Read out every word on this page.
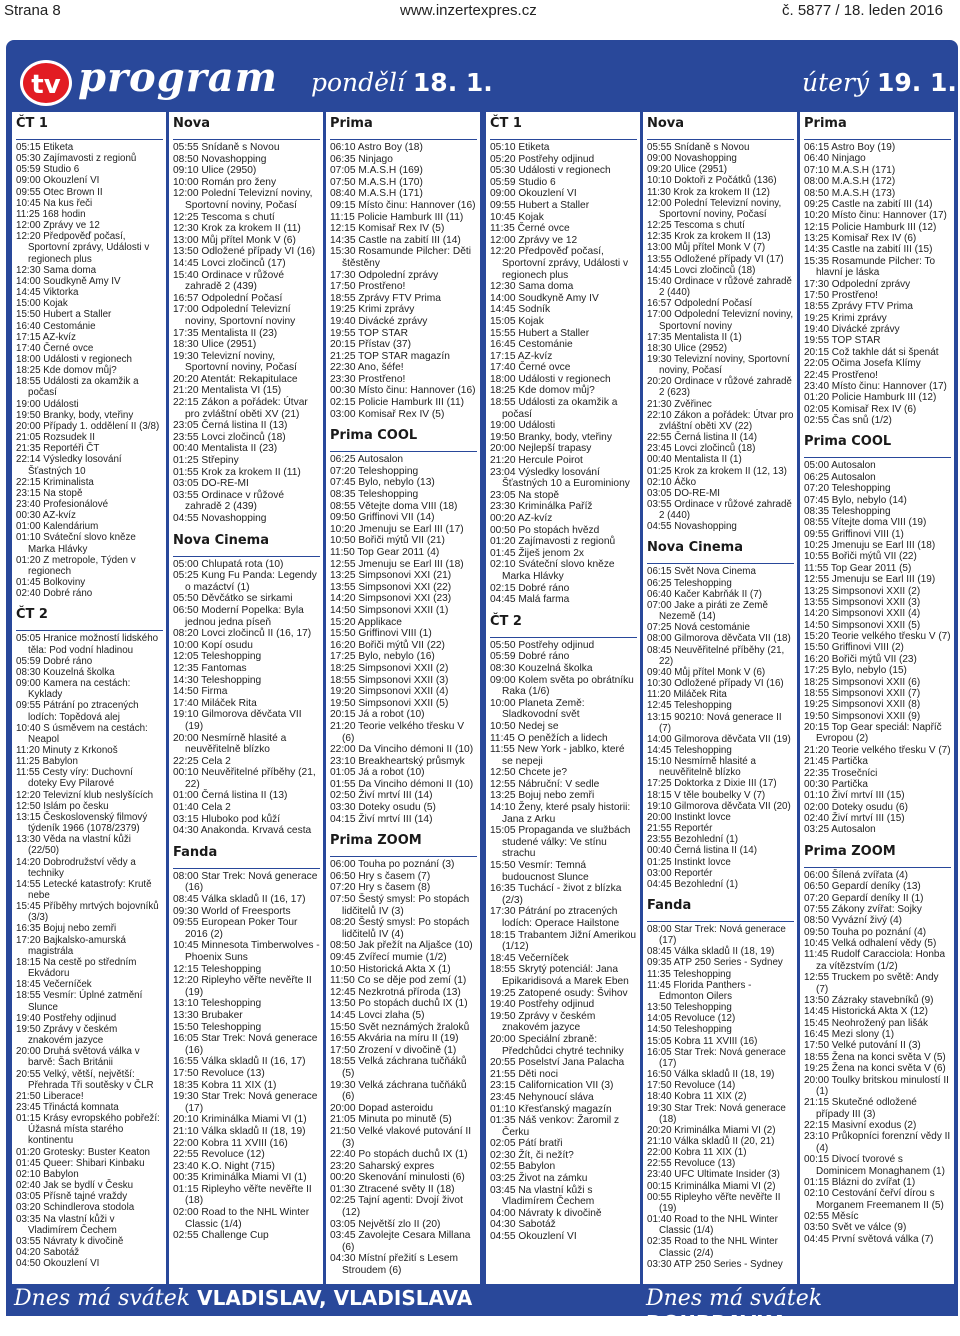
Strana 8	www.inzertexpres.cz	č. 5877 / 18. leden 2016
tv program pondělí 18. 1.	úterý 19. 1.
ČT 1
05:15 Etiketa
05:30 Zajímavosti z regionů
05:59 Studio 6
09:00 Okouzlení VI
09:55 Otec Brown II
10:45 Na kus řeči
11:25 168 hodin
12:00 Zprávy ve 12
12:20 Předpověď počasí, Sportovní zprávy, Události v regionech plus
12:30 Sama doma
14:00 Soudkyně Amy IV
14:45 Viktorka
15:00 Kojak
15:50 Hubert a Staller
16:40 Cestománie
17:15 AZ-kvíz
17:40 Černé ovce
18:00 Události v regionech
18:25 Kde domov můj?
18:55 Události za okamžik a počasí
19:00 Události
19:50 Branky, body, vteřiny
20:00 Případy 1. oddělení II (3/8)
21:05 Rozsudek II
21:35 Reportéři ČT
22:14 Výsledky losování Šťastných 10
22:15 Kriminalista
23:15 Na stopě
23:40 Profesionálové
00:30 AZ-kvíz
01:00 Kalendárium
01:10 Sváteční slovo kněze Marka Hlávky
01:20 Z metropole, Týden v regionech
01:45 Bolkoviny
02:40 Dobré ráno
ČT 2
05:05 Hranice možností lidského těla: Pod vodní hladinou
05:59 Dobré ráno
08:30 Kouzelná školka
09:00 Kamera na cestách: Kyklady
09:55 Pátrání po ztracených lodích: Topědová alej
10:40 S úsměvem na cestách: Neapol
11:20 Minuty z Krkonoš
11:25 Babylon
11:55 Cesty víry: Duchovní doteky Evy Pilarové
12:20 Televizní klub neslyšících
12:50 Islám po česku
13:15 Československý filmový týdeník 1966 (1078/2379)
13:30 Věda na vlastní kůži (22/50)
14:20 Dobrodružství vědy a techniky
14:55 Letecké katastrofy: Krutě nebe
15:45 Příběhy mrtvých bojovníků (3/3)
16:35 Bojuj nebo zemři
17:20 Bajkalsko-amurská magistrála
18:15 Na cestě po středním Ekvádoru
18:45 Večerníček
18:55 Vesmír: Úplné zatmění Slunce
19:40 Postřehy odjinud
19:50 Zprávy v českém znakovém jazyce
20:00 Druhá světová válka v barvě: Šach Británii
20:55 Velký, větší, největší: Přehrada Tři soutěsky v ČLR
21:50 Liberace!
23:45 Třináctá komnata
01:15 Krásy evropského pobřeží: Úžasná místa starého kontinentu
01:20 Grotesky: Buster Keaton
01:45 Queer: Shibari Kinbaku
02:10 Babylon
02:40 Jak se bydlí v Česku
03:05 Přísně tajné vraždy
03:20 Schindlerova stodola
03:35 Na vlastní kůži v Vladimírem Čechem
03:55 Návraty k divočině
04:20 Sabotáž
04:50 Okouzlení VI
Nova
05:55 Snídaně s Novou
08:50 Novashopping
09:10 Ulice (2950)
10:00 Román pro ženy
12:00 Polední Televizní noviny, Sportovní noviny, Počasí
12:25 Tescoma s chutí
12:30 Krok za krokem II (11)
13:00 Můj přítel Monk V (6)
13:50 Odložené případy VI (16)
14:45 Lovci zločinců (17)
15:40 Ordinace v růžové zahradě 2 (439)
16:57 Odpolední Počasí
17:00 Odpolední Televizní noviny, Sportovní noviny
17:35 Mentalista II (23)
18:30 Ulice (2951)
19:30 Televizní noviny, Sportovní noviny, Počasí
20:20 Atentát: Rekapitulace
21:20 Mentalista VI (15)
22:15 Zákon a pořádek: Útvar pro zvláštní oběti XV (21)
23:05 Černá listina II (13)
23:55 Lovci zločinců (18)
00:40 Mentalista II (23)
01:25 Střepiny
01:55 Krok za krokem II (11)
03:05 DO-RE-MI
03:55 Ordinace v růžové zahradě 2 (439)
04:55 Novashopping
Nova Cinema
05:00 Chlupatá rota (10)
05:25 Kung Fu Panda: Legendy o mazáctví (1)
05:50 Děvčátko se sirkami
06:50 Moderní Popelka: Byla jednou jedna píseň
08:20 Lovci zločinců II (16, 17)
10:00 Kopí osudu
12:05 Teleshopping
12:35 Fantomas
14:30 Teleshopping
14:50 Firma
17:40 Miláček Rita
19:10 Gilmorova děvčata VII (19)
20:00 Nesmírně hlasité a neuvěřitelně blízko
22:25 Cela 2
00:10 Neuvěřitelné příběhy (21, 22)
01:00 Černá listina II (13)
01:40 Cela 2
03:15 Hluboko pod kůží
04:30 Anakonda. Krvavá cesta
Fanda
08:00 Star Trek: Nová generace (16)
08:45 Válka skladů II (16, 17)
09:30 World of Freesports
09:55 European Poker Tour 2016 (2)
10:45 Minnesota Timberwolves - Phoenix Suns
12:15 Teleshopping
12:20 Ripleyho věřte nevěřte II (19)
13:10 Teleshopping
13:30 Brubaker
15:50 Teleshopping
16:05 Star Trek: Nová generace (16)
16:55 Válka skladů II (16, 17)
17:50 Revoluce (13)
18:35 Kobra 11 XIX (1)
19:30 Star Trek: Nová generace (17)
20:10 Kriminálka Miami VI (1)
21:10 Válka skladů II (18, 19)
22:00 Kobra 11 XVIII (16)
22:55 Revoluce (12)
23:40 K.O. Night (715)
00:35 Kriminálka Miami VI (1)
01:15 Ripleyho věřte nevěřte II (18)
02:00 Road to the NHL Winter Classic (1/4)
02:55 Challenge Cup
Prima
06:10 Astro Boy (18)
06:35 Ninjago
07:05 M.A.S.H (169)
07:50 M.A.S.H (170)
08:40 M.A.S.H (171)
09:15 Místo činu: Hannover (16)
11:15 Policie Hamburk III (11)
12:15 Komisař Rex IV (5)
14:35 Castle na zabití III (14)
15:30 Rosamunde Pilcher: Děti štěstěny
17:30 Odpolední zprávy
17:50 Prostřeno!
18:55 Zprávy FTV Prima
19:25 Krimi zprávy
19:40 Divácké zprávy
19:55 TOP STAR
20:15 Přístav (37)
21:25 TOP STAR magazín
22:30 Ano, šéfe!
23:30 Prostřeno!
00:30 Místo činu: Hannover (16)
02:15 Policie Hamburk III (11)
03:00 Komisař Rex IV (5)
Prima COOL
06:25 Autosalon
07:20 Teleshopping
07:45 Bylo, nebylo (13)
08:35 Teleshopping
08:55 Větejte doma VIII (18)
09:50 Griffinovi VII (14)
10:20 Jmenuju se Earl III (17)
10:50 Bořiči mýtů VII (21)
11:50 Top Gear 2011 (4)
12:55 Jmenuju se Earl III (18)
13:25 Simpsonovi XXI (21)
13:55 Simpsonovi XXI (22)
14:20 Simpsonovi XXI (23)
14:50 Simpsonovi XXII (1)
15:20 Applikace
15:50 Griffinovi VIII (1)
16:20 Bořiči mýtů VII (22)
17:25 Bylo, nebylo (16)
18:25 Simpsonovi XXII (2)
18:55 Simpsonovi XXII (3)
19:20 Simpsonovi XXII (4)
19:50 Simpsonovi XXII (5)
20:15 Já a robot (10)
21:20 Teorie velkého třesku V (6)
22:00 Da Vinciho démoni II (10)
23:10 Breakheartský průsmyk
01:05 Já a robot (10)
01:55 Da Vinciho démoni II (10)
02:50 Živí mrtví III (14)
03:30 Doteky osudu (5)
04:15 Živí mrtví III (14)
Prima ZOOM
06:00 Touha po poznání (3)
06:50 Hry s časem (7)
07:20 Hry s časem (8)
07:50 Šestý smysl: Po stopách lidčitelů IV (3)
08:20 Šestý smysl: Po stopách lidčitelů IV (4)
08:50 Jak přežít na Aljašce (10)
09:45 Zvířecí mumie (1/2)
10:50 Historická Akta X (1)
11:50 Co se děje pod zemí (1)
12:45 Nezkrotná příroda (13)
13:50 Po stopách duchů IX (1)
14:45 Lovci zlaha (5)
15:50 Svět neznámých žraloků
16:55 Akvária na míru II (19)
17:50 Zrození v divočině (1)
18:55 Velká záchrana tučňáků (5)
19:30 Velká záchrana tučňáků (6)
20:00 Dopad asteroidu
21:05 Minuta po minutě (5)
21:50 Velké vlakové putování II (3)
22:40 Po stopách duchů IX (1)
23:20 Saharský expres
00:20 Skenování minulosti (6)
01:30 Ztracené světy II (18)
02:25 Tajní agenti: Dvojí život (12)
03:05 Největší zlo II (20)
03:45 Zavolejte Cesara Millana (6)
04:30 Místní přežití s Lesem Stroudem (6)
ČT 1
05:10 Etiketa
05:20 Postřehy odjinud
05:30 Události v regionech
05:59 Studio 6
09:00 Okouzlení VI
09:55 Hubert a Staller
10:45 Kojak
11:35 Černé ovce
12:00 Zprávy ve 12
12:20 Předpověď počasí, Sportovní zprávy, Události v regionech plus
12:30 Sama doma
14:00 Soudkyně Amy IV
14:45 Sodník
15:05 Kojak
15:55 Hubert a Staller
16:45 Cestománie
17:15 AZ-kvíz
17:40 Černé ovce
18:00 Události v regionech
18:25 Kde domov můj?
18:55 Události za okamžik a počasí
19:00 Události
19:50 Branky, body, vteřiny
20:00 Nejlepší trapasy
21:20 Herculе Poirot
23:04 Výsledky losování Šťastných 10 a Eurominiony
23:05 Na stopě
23:30 Kriminálka Paříž
00:20 AZ-kvíz
00:50 Po stopách hvězd
01:20 Zajímavosti z regionů
01:45 Žiješ jenom 2x
02:10 Sváteční slovo kněze Marka Hlávky
02:15 Dobré ráno
04:45 Malá farma
ČT 2
05:50 Postřehy odjinud
05:59 Dobré ráno
08:30 Kouzelná školka
09:00 Kolem světa po obrátníku Raka (1/6)
10:00 Planeta Země: Sladkovodní svět
10:50 Nedej se
11:45 O peněžích a lidech
11:55 New York - jablko, které se nepeji
12:50 Chcete je?
12:55 Nábruční: V sedle
13:25 Bojuj nebo zemři
14:10 Ženy, které psaly historii: Jana z Arku
15:05 Propaganda ve službách studené války: Ve stínu strachu
15:50 Vesmír: Temná budoucnost Slunce
16:35 Tuchácí - život z blízka (2/3)
17:30 Pátrání po ztracených lodích: Operace Hailstone
18:15 Trabantem Jižní Amerikou (1/12)
18:45 Večerníček
18:55 Skrytý potenciál: Jana Epikaridisová a Marek Eben
19:25 Zatopené osudy: Švihov
19:40 Postřehy odjinud
19:50 Zprávy v českém znakovém jazyce
20:00 Speciální zbraně: Předchůdci chytré techniky
20:55 Poselství Jana Palacha
21:55 Děti noci
23:15 Californication VII (3)
23:45 Nehynoucí slávа
01:10 Křesťanský magazín
01:35 Náš venkov: Žaromil z Čerku
02:05 Pátí bratři
02:30 Žít, či nežít?
02:55 Babylon
03:25 Život na zámku
03:45 Na vlastní kůži s Vladimírem Čechem
04:00 Návraty k divočině
04:30 Sabotáž
04:55 Okouzlení VI
Nova
05:55 Snídaně s Novou
09:00 Novashopping
09:20 Ulice (2951)
10:10 Doktoři z Počátků (136)
11:30 Krok za krokem II (12)
12:00 Polední Televizní noviny, Sportovní noviny, Počasí
12:25 Tescoma s chutí
12:35 Krok za krokem II (13)
13:00 Můj přítel Monk V (7)
13:55 Odložené případy VI (17)
14:45 Lovci zločinců (18)
15:40 Ordinace v růžové zahradě 2 (440)
16:57 Odpolední Počasí
17:00 Odpolední Televizní noviny, Sportovní noviny
17:35 Mentalista II (1)
18:30 Ulice (2952)
19:30 Televizní noviny, Sportovní noviny, Počasí
20:20 Ordinace v růžové zahradě 2 (623)
21:30 Zvěřinec
22:10 Zákon a pořádek: Útvar pro zvláštní oběti XV (22)
22:55 Černá listina II (14)
23:45 Lovci zločinců (18)
00:40 Mentalista II (1)
01:25 Krok za krokem II (12, 13)
02:10 Áčko
03:05 DO-RE-MI
03:55 Ordinace v růžové zahradě 2 (440)
04:55 Novashopping
Nova Cinema
06:15 Svět Nova Cinema
06:25 Teleshopping
06:40 Kačer Kabrňák II (7)
07:00 Jake a piráti ze Země Nezemě (14)
07:25 Nová cestománie
08:00 Gilmorova děvčata VII (18)
08:45 Neuvěřitelné příběhy (21, 22)
09:40 Můj přítel Monk V (6)
10:30 Odložené případy VI (16)
11:20 Miláček Rita
12:45 Teleshopping
13:15 90210: Nová generace II (7)
14:00 Gilmorova děvčata VII (19)
14:45 Teleshopping
15:10 Nesmírně hlasité a neuvěřitelně blízko
17:25 Doktorka z Dixie III (17)
18:15 V těle boubelky V (7)
19:10 Gilmorova děvčata VII (20)
20:00 Instinkt lovce
21:55 Reportér
23:55 Bezohlední (1)
00:40 Černá listina II (14)
01:25 Instinkt lovce
03:00 Reportér
04:45 Bezohlední (1)
Fanda
08:00 Star Trek: Nová generace (17)
08:45 Válka skladů II (18, 19)
09:35 ATP 250 Series - Sydney
11:35 Teleshopping
11:45 Florida Panthers - Edmonton Oilers
13:50 Teleshopping
14:05 Revoluce (12)
14:50 Teleshopping
15:05 Kobra 11 XVIII (16)
16:05 Star Trek: Nová generace (17)
16:50 Válka skladů II (18, 19)
17:50 Revoluce (14)
18:40 Kobra 11 XIX (2)
19:30 Star Trek: Nová generace (18)
20:20 Kriminálka Miami VI (2)
21:10 Válka skladů II (20, 21)
22:00 Kobra 11 XIX (1)
22:55 Revoluce (13)
23:40 UFC Ultimate Insider (3)
00:15 Kriminálka Miami VI (2)
00:55 Ripleyho věřte nevěřte II (19)
01:40 Road to the NHL Winter Classic (1/4)
02:35 Road to the NHL Winter Classic (2/4)
03:30 ATP 250 Series - Sydney
Prima
06:15 Astro Boy (19)
06:40 Ninjago
07:10 M.A.S.H (171)
08:00 M.A.S.H (172)
08:50 M.A.S.H (173)
09:25 Castle na zabití III (14)
10:20 Místo činu: Hannover (17)
12:15 Policie Hamburk III (12)
13:25 Komisař Rex IV (6)
14:35 Castle na zabití III (15)
15:35 Rosamunde Pilcher: To hlavní je láska
17:30 Odpolední zprávy
17:50 Prostřeno!
18:55 Zprávy FTV Prima
19:25 Krimi zprávy
19:40 Divácké zprávy
19:55 TOP STAR
20:15 Což takhle dát si špenát
22:05 Očima Josefa Klímy
22:45 Prostřeno!
23:40 Místo činu: Hannover (17)
01:20 Policie Hamburk III (12)
02:05 Komisař Rex IV (6)
02:55 Čas snů (1/2)
Prima COOL
05:00 Autosalon
06:25 Autosalon
07:20 Teleshopping
07:45 Bylo, nebylo (14)
08:35 Teleshopping
08:55 Vítejte doma VIII (19)
09:55 Griffinovi VIII (1)
10:25 Jmenuju se Earl III (18)
10:55 Bořiči mýtů VII (22)
11:55 Top Gear 2011 (5)
12:55 Jmenuju se Earl III (19)
13:25 Simpsonovi XXII (2)
13:55 Simpsonovi XXII (3)
14:20 Simpsonovi XXII (4)
14:50 Simpsonovi XXII (5)
15:20 Teorie velkého třesku V (7)
15:50 Griffinovi VIII (2)
16:20 Bořiči mýtů VII (23)
17:25 Bylo, nebylo (15)
18:25 Simpsonovi XXII (6)
18:55 Simpsonovi XXII (7)
19:25 Simpsonovi XXII (8)
19:50 Simpsonovi XXII (9)
20:15 Top Gear speciál: Napříč Evropou (2)
21:20 Teorie velkého třesku V (7)
21:45 Partička
22:35 Trosečníci
00:30 Partička
01:10 Živí mrtví III (15)
02:00 Doteky osudu (6)
02:40 Živí mrtví III (15)
03:25 Autosalon
Prima ZOOM
06:00 Šílená zvířata (4)
06:50 Gepardí deníky (13)
07:20 Gepardí deníky II (1)
07:55 Zákony zvířat: Sojky
08:50 Vyvázní živý (4)
09:50 Touha po poznání (4)
10:45 Velká odhalení vědy (5)
11:45 Rudolf Caracciola: Honba za vítězstvím (1/2)
12:55 Truckem po světě: Andy (7)
13:50 Zázraky stavebníků (9)
14:45 Historická Akta X (12)
15:45 Neohrožený pan lišák
16:45 Mezi slony (1)
17:50 Velké putování II (3)
18:55 Žena na konci světa V (5)
19:25 Žena na konci světa V (6)
20:00 Toulky britskou minulostí II (1)
21:15 Skutečné odložené případy III (3)
22:15 Masivní exodus (2)
23:10 Průkopníci forenzní vědy II (4)
00:15 Divocí tvorové s Dominicem Monaghanem (1)
01:15 Blázni do zvířat (1)
02:10 Cestování čeřví dírou s Morganem Freemanem II (5)
02:55 Měsíc
03:50 Svět ve válce (9)
04:45 První světová válka (7)
Dnes má svátek VLADISLAV, VLADISLAVA	Dnes má svátek DOUBRAVKA
